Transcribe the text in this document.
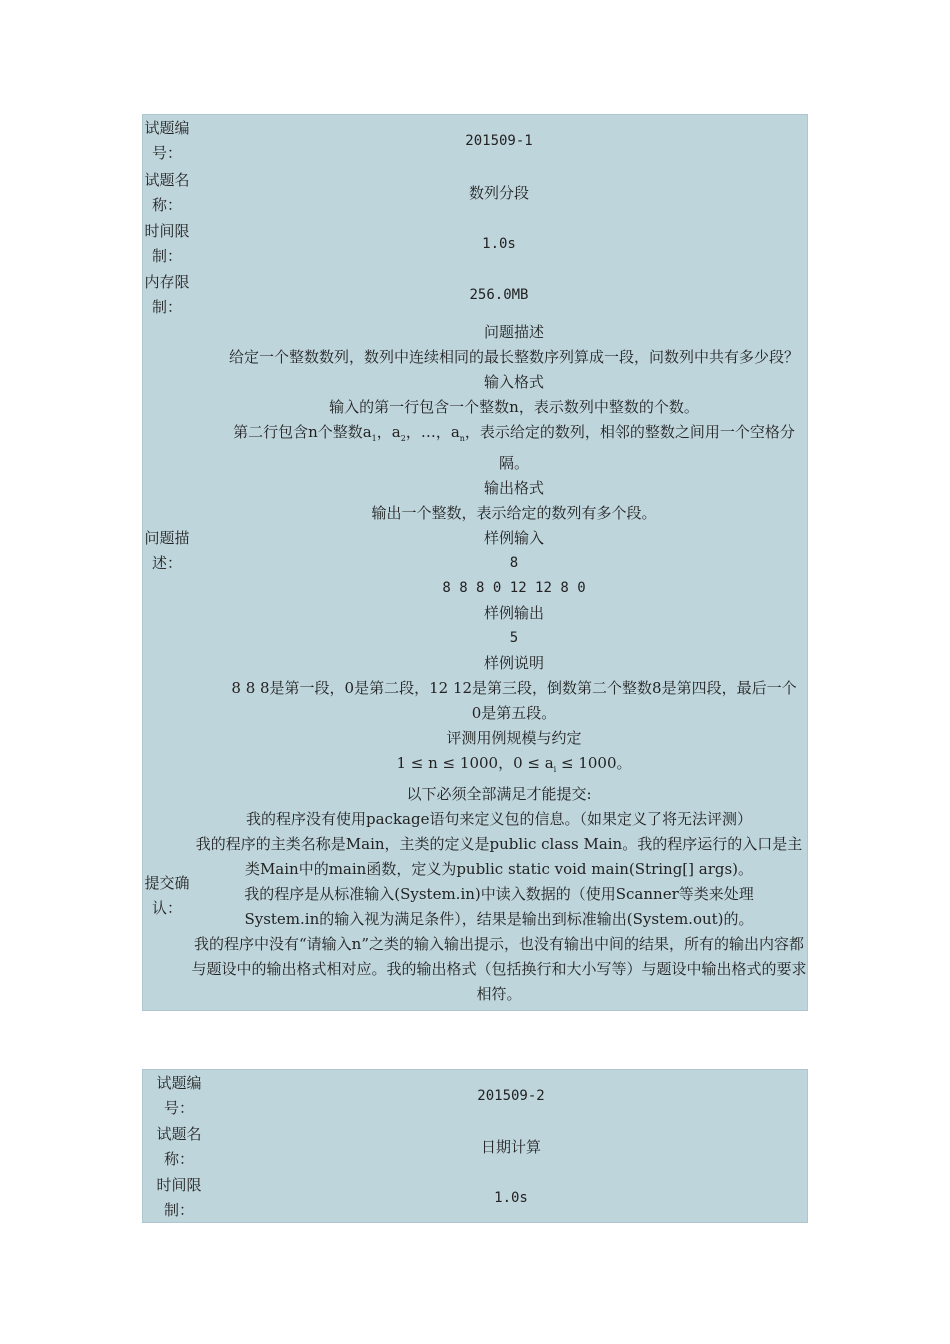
试题编号：
201509-1
试题名称：
数列分段
时间限制：
1.0s
内存限制：
256.0MB
问题描述：

问题描述

给定一个整数数列，数列中连续相同的最长整数序列算成一段，问数列中共有多少段？

输入格式

输入的第一行包含一个整数n，表示数列中整数的个数。

第二行包含n个整数$a_1$，$a_2$，…，$a_n$，表示给定的数列，相邻的整数之间用一个空格分隔。

输出格式

输出一个整数，表示给定的数列有多个段。

样例输入

8

8 8 8 0 12 12 8 0

样例输出

5

样例说明

8 8 8是第一段，0是第二段，12 12是第三段，倒数第二个整数8是第四段，最后一个0是第五段。

评测用例规模与约定

1 ≤ n ≤ 1000，$0 \le a_i \le 1000$。

提交确认：

以下必须全部满足才能提交:

我的程序没有使用package语句来定义包的信息。（如果定义了将无法评测）

我的程序的主类名称是Main，主类的定义是public class Main。我的程序运行的入口是主类Main中的main函数，定义为public static void main(String[] args)。

我的程序是从标准输入(System.in)中读入数据的（使用Scanner等类来处理System.in的输入视为满足条件），结果是输出到标准输出(System.out)的。

我的程序中没有“请输入n”之类的输入输出提示，也没有输出中间的结果，所有的输出内容都与题设中的输出格式相对应。我的输出格式（包括换行和大小写等）与题设中输出格式的要求相符。

试题编号：
201509-2
试题名称：
日期计算
时间限制：
1.0s
